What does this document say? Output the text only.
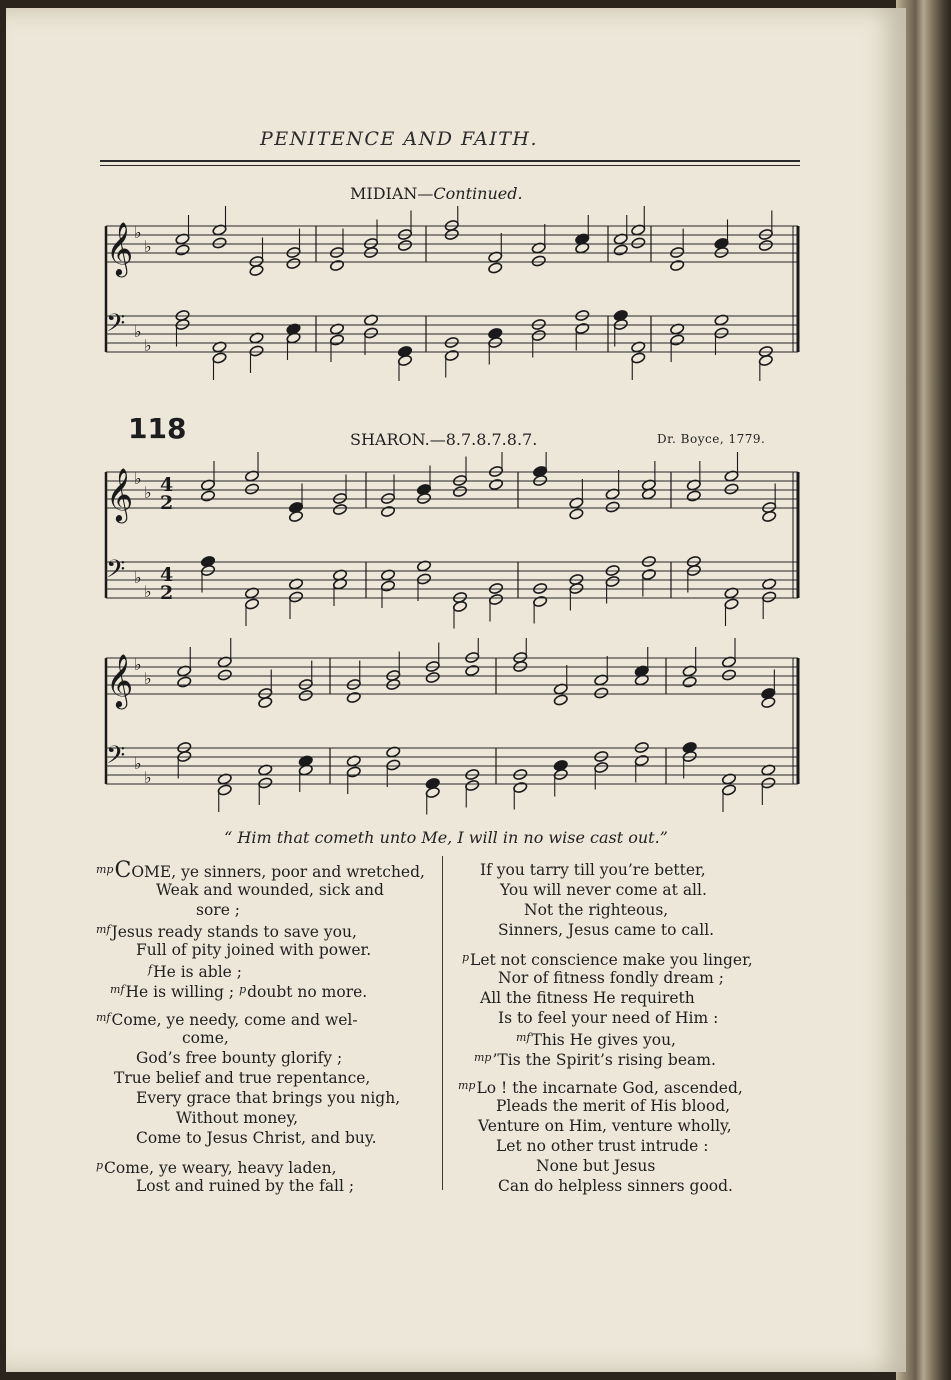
PENITENCE AND FAITH.
MIDIAN—Continued.
𝄞 ♭
♭
𝄢 ♭
♭
118	SHARON.—8.7.8.7.8.7.	Dr. Boyce, 1779.
𝄞 ♭
♭ 4
2
𝄢 ♭
♭
4
2
𝄞 ♭
♭
𝄢 ♭
♭
“ Him that cometh unto Me, I will in no wise cast out.”
$^{mp}$COME, ye sinners, poor and wretched,
Weak and wounded, sick and
sore ;
$^{mf}$Jesus ready stands to save you,
Full of pity joined with power.
$^f$He is able ;
$^{mf}$He is willing ; $^p$doubt no more.
$^{mf}$Come, ye needy, come and wel-
come,
God’s free bounty glorify ;
True belief and true repentance,
Every grace that brings you nigh,
Without money,
Come to Jesus Christ, and buy.
$^p$Come, ye weary, heavy laden,
Lost and ruined by the fall ;
If you tarry till you’re better,
You will never come at all.
Not the righteous,
Sinners, Jesus came to call.
$^p$Let not conscience make you linger,
Nor of fitness fondly dream ;
All the fitness He requireth
Is to feel your need of Him :
$^{mf}$This He gives you,
$^{mp}$’Tis the Spirit’s rising beam.
$^{mp}$Lo ! the incarnate God, ascended,
Pleads the merit of His blood,
Venture on Him, venture wholly,
Let no other trust intrude :
None but Jesus
Can do helpless sinners good.
